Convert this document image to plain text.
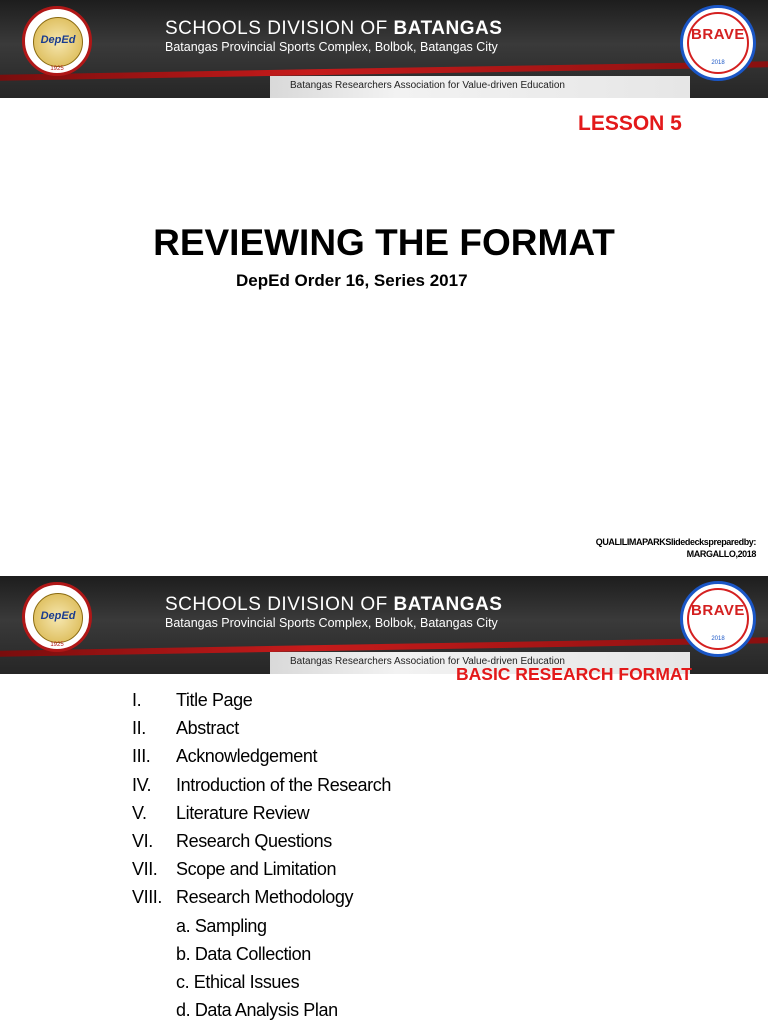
Batangas Researchers Association for Value-driven Education
DepEd
1925
SCHOOLS DIVISION OF BATANGAS
Batangas Provincial Sports Complex, Bolbok, Batangas City
BRAVE
2018
LESSON 5
REVIEWING THE FORMAT
DepEd Order 16, Series 2017
QUALILIMAPARKSlidedeckspreparedby:
MARGALLO,2018
Batangas Researchers Association for Value-driven Education
DepEd
1925
SCHOOLS DIVISION OF BATANGAS
Batangas Provincial Sports Complex, Bolbok, Batangas City
BRAVE
2018
BASIC RESEARCH FORMAT
I. Title Page
II. Abstract
III. Acknowledgement
IV. Introduction of the Research
V. Literature Review
VI. Research Questions
VII. Scope and Limitation
VIII. Research Methodology
a. Sampling
b. Data Collection
c. Ethical Issues
d. Data Analysis Plan
